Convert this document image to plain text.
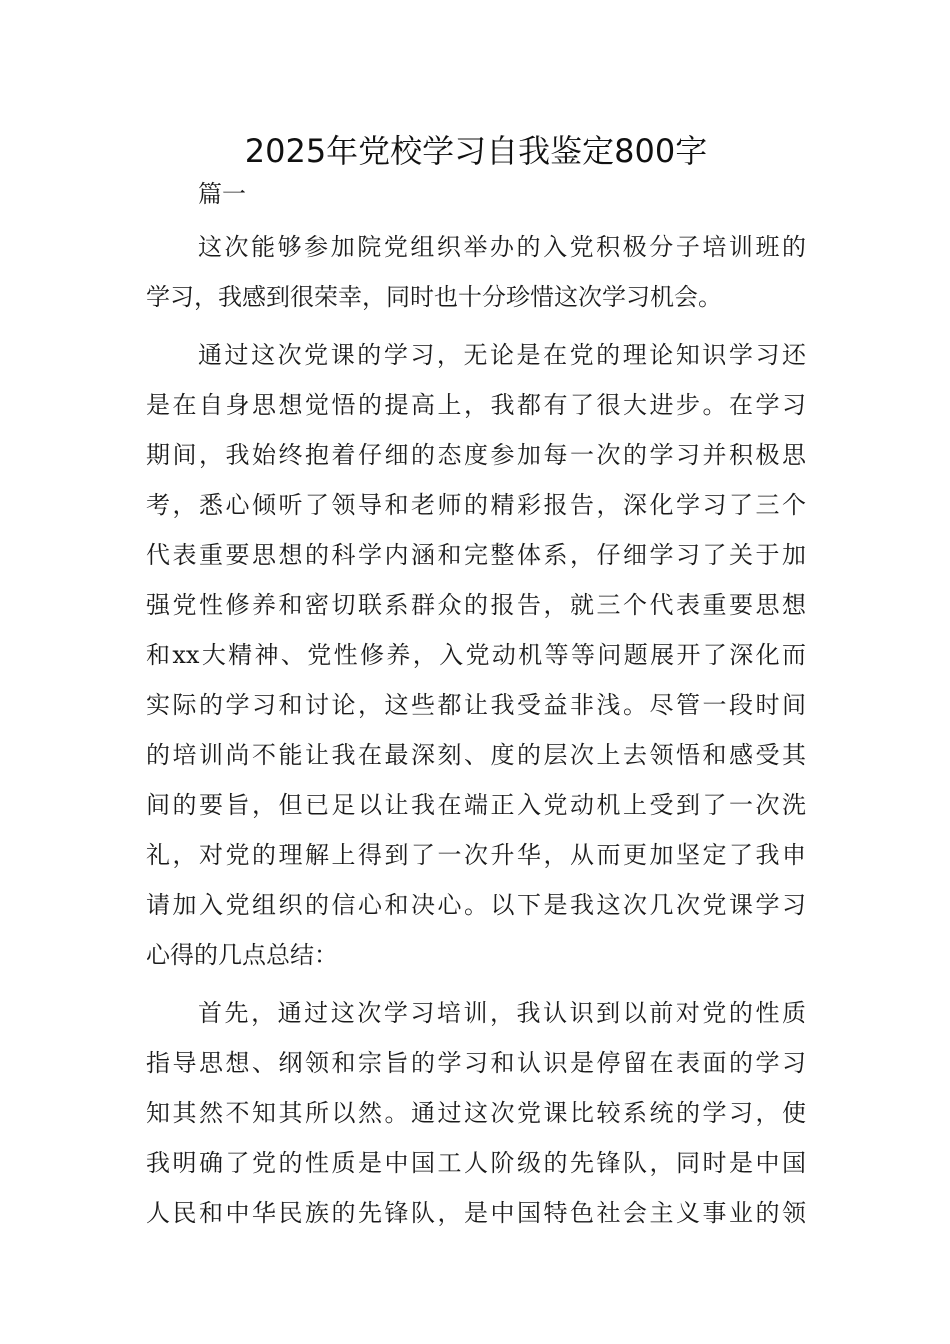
2025年党校学习自我鉴定800字

篇一

这次能够参加院党组织举办的入党积极分子培训班的
学习，我感到很荣幸，同时也十分珍惜这次学习机会。

通过这次党课的学习，无论是在党的理论知识学习还
是在自身思想觉悟的提高上，我都有了很大进步。在学习
期间，我始终抱着仔细的态度参加每一次的学习并积极思
考，悉心倾听了领导和老师的精彩报告，深化学习了三个
代表重要思想的科学内涵和完整体系，仔细学习了关于加
强党性修养和密切联系群众的报告，就三个代表重要思想
和xx大精神、党性修养，入党动机等等问题展开了深化而
实际的学习和讨论，这些都让我受益非浅。尽管一段时间
的培训尚不能让我在最深刻、度的层次上去领悟和感受其
间的要旨，但已足以让我在端正入党动机上受到了一次洗
礼，对党的理解上得到了一次升华，从而更加坚定了我申
请加入党组织的信心和决心。以下是我这次几次党课学习
心得的几点总结：

首先，通过这次学习培训，我认识到以前对党的性质
指导思想、纲领和宗旨的学习和认识是停留在表面的学习
知其然不知其所以然。通过这次党课比较系统的学习，使
我明确了党的性质是中国工人阶级的先锋队，同时是中国
人民和中华民族的先锋队，是中国特色社会主义事业的领
